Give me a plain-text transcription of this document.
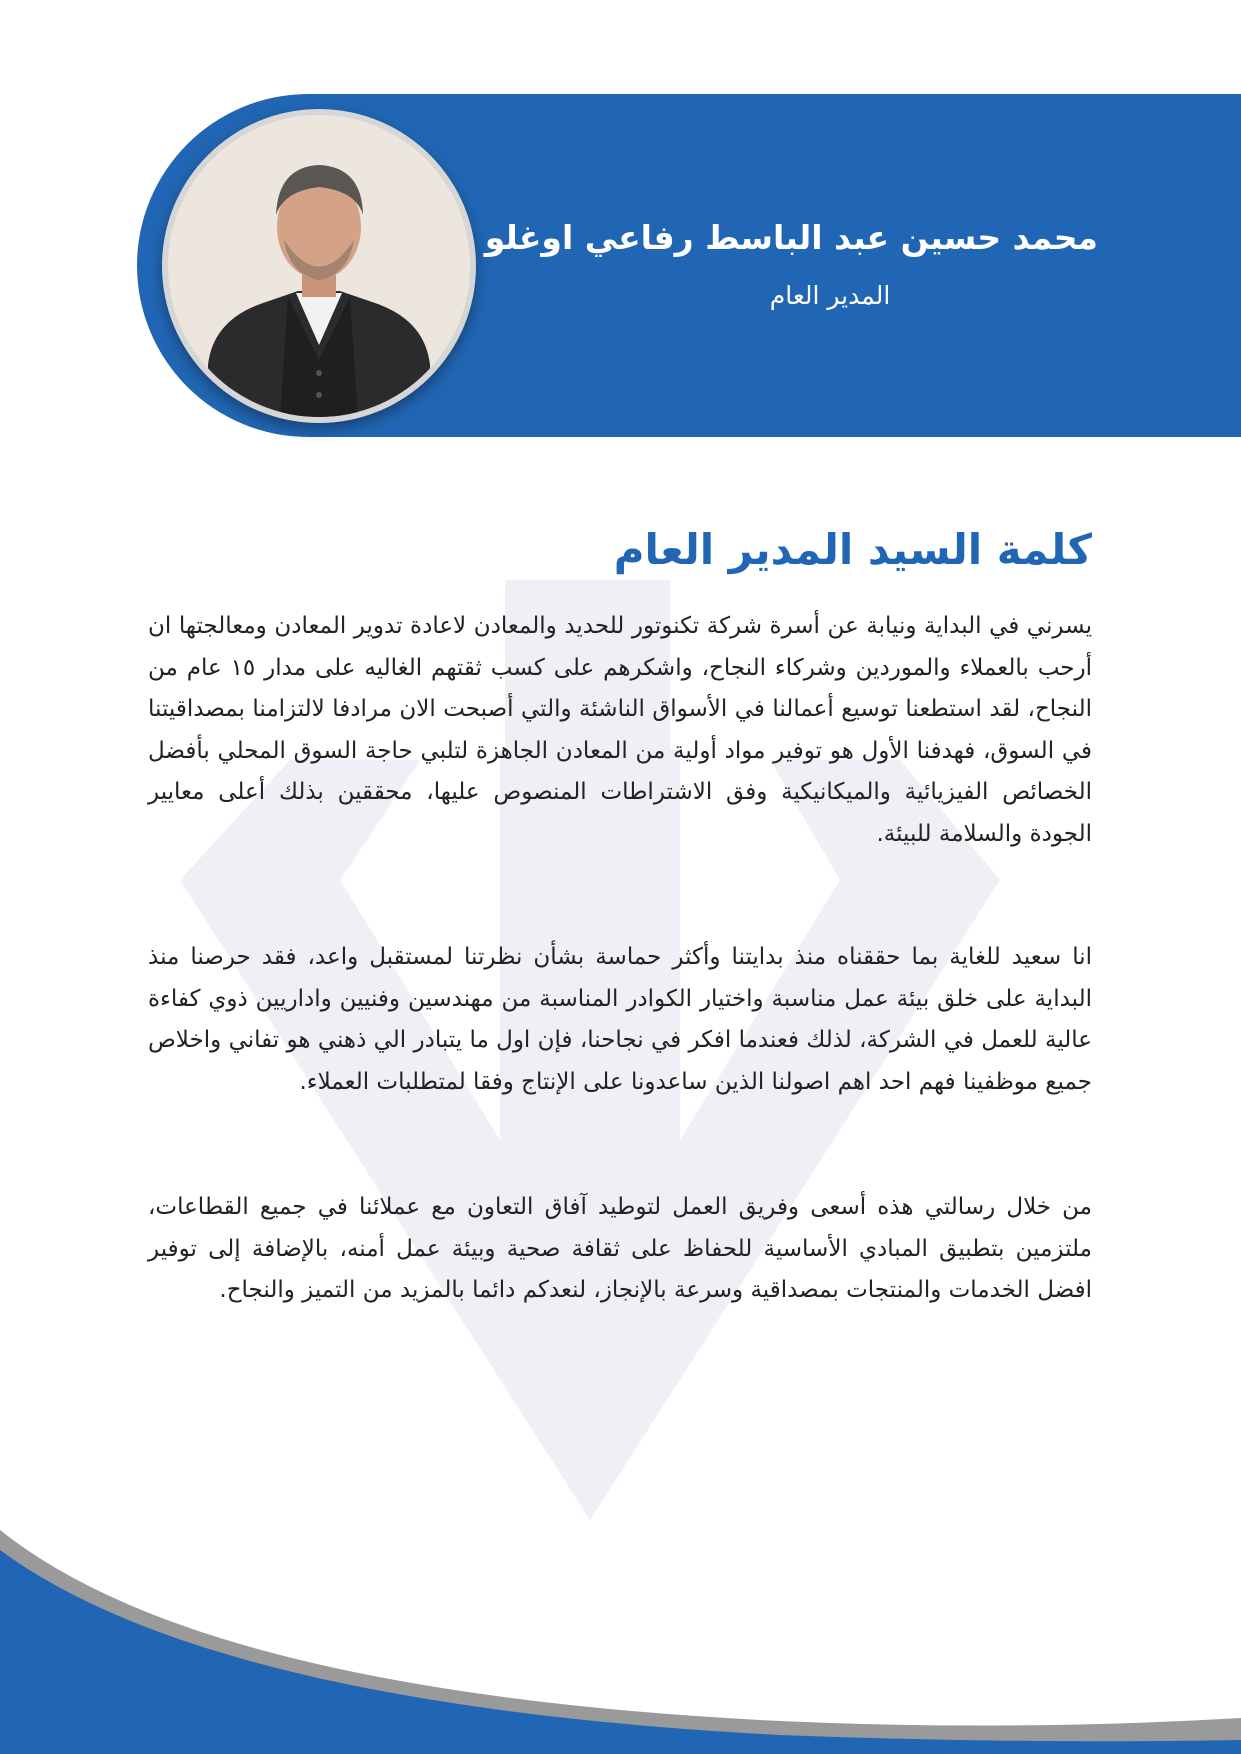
محمد حسين عبد الباسط رفاعي اوغلو
المدير العام
كلمة السيد المدير العام

يسرني في البداية ونيابة عن أسرة شركة تكنوتور للحديد والمعادن لاعادة تدوير المعادن ومعالجتها ان أرحب بالعملاء والموردين وشركاء النجاح، واشكرهم على كسب ثقتهم الغاليه على مدار ١٥ عام من النجاح، لقد استطعنا توسيع أعمالنا في الأسواق الناشئة والتي أصبحت الان مرادفا لالتزامنا بمصداقيتنا في السوق، فهدفنا الأول هو توفير مواد أولية من المعادن الجاهزة لتلبي حاجة السوق المحلي بأفضل الخصائص الفيزيائية والميكانيكية وفق الاشتراطات المنصوص عليها، محققين بذلك أعلى معايير الجودة والسلامة للبيئة.

انا سعيد للغاية بما حققناه منذ بدايتنا وأكثر حماسة بشأن نظرتنا لمستقبل واعد، فقد حرصنا منذ البداية على خلق بيئة عمل مناسبة واختيار الكوادر المناسبة من مهندسين وفنيين واداريين ذوي كفاءة عالية للعمل في الشركة، لذلك فعندما افكر في نجاحنا، فإن اول ما يتبادر الي ذهني هو تفاني واخلاص جميع موظفينا فهم احد اهم اصولنا الذين ساعدونا على الإنتاج وفقا لمتطلبات العملاء.

من خلال رسالتي هذه أسعى وفريق العمل لتوطيد آفاق التعاون مع عملائنا في جميع القطاعات، ملتزمين بتطبيق المبادي الأساسية للحفاظ على ثقافة صحية وبيئة عمل أمنه، بالإضافة إلى توفير افضل الخدمات والمنتجات بمصداقية وسرعة بالإنجاز، لنعدكم دائما بالمزيد من التميز والنجاح.
